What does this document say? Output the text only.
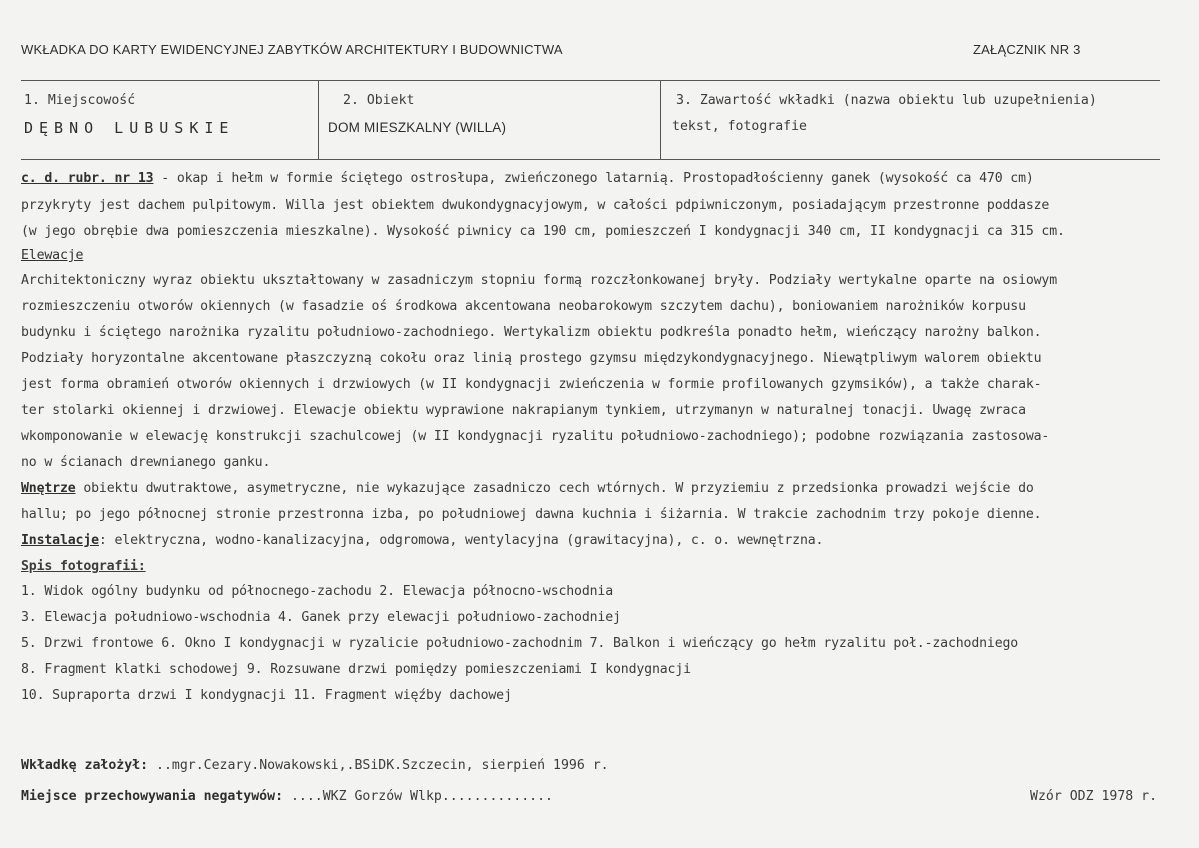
WKŁADKA DO KARTY EWIDENCYJNEJ ZABYTKÓW ARCHITEKTURY I BUDOWNICTWA	ZAŁĄCZNIK NR 3
1. Miejscowość
DĘBNO LUBUSKIE
2. Obiekt
DOM MIESZKALNY (WILLA)
3. Zawartość wkładki (nazwa obiektu lub uzupełnienia)
tekst, fotografie
c. d. rubr. nr 13 - okap i hełm w formie ściętego ostrosłupa, zwieńczonego latarnią. Prostopadłościenny ganek (wysokość ca 470 cm)
przykryty jest dachem pulpitowym. Willa jest obiektem dwukondygnacyjowym, w całości pdpiwniczonym, posiadającym przestronne poddasze
(w jego obrębie dwa pomieszczenia mieszkalne). Wysokość piwnicy ca 190 cm, pomieszczeń I kondygnacji 340 cm, II kondygnacji ca 315 cm.
Elewacje
Architektoniczny wyraz obiektu ukształtowany w zasadniczym stopniu formą rozczłonkowanej bryły. Podziały wertykalne oparte na osiowym
rozmieszczeniu otworów okiennych (w fasadzie oś środkowa akcentowana neobarokowym szczytem dachu), boniowaniem narożników korpusu
budynku i ściętego narożnika ryzalitu południowo-zachodniego. Wertykalizm obiektu podkreśla ponadto hełm, wieńczący narożny balkon.
Podziały horyzontalne akcentowane płaszczyzną cokołu oraz linią prostego gzymsu międzykondygnacyjnego. Niewątpliwym walorem obiektu
jest forma obramień otworów okiennych i drzwiowych (w II kondygnacji zwieńczenia w formie profilowanych gzymsików), a także charak-
ter stolarki okiennej i drzwiowej. Elewacje obiektu wyprawione nakrapianym tynkiem, utrzymanyn w naturalnej tonacji. Uwagę zwraca
wkomponowanie w elewację konstrukcji szachulcowej (w II kondygnacji ryzalitu południowo-zachodniego); podobne rozwiązania zastosowa-
no w ścianach drewnianego ganku.
Wnętrze obiektu dwutraktowe, asymetryczne, nie wykazujące zasadniczo cech wtórnych. W przyziemiu z przedsionka prowadzi wejście do
hallu; po jego północnej stronie przestronna izba, po południowej dawna kuchnia i śiżarnia. W trakcie zachodnim trzy pokoje dienne.
Instalacje: elektryczna, wodno-kanalizacyjna, odgromowa, wentylacyjna (grawitacyjna), c. o. wewnętrzna.
Spis fotografii:
1. Widok ogólny budynku od północnego-zachodu 2. Elewacja północno-wschodnia
3. Elewacja południowo-wschodnia 4. Ganek przy elewacji południowo-zachodniej
5. Drzwi frontowe 6. Okno I kondygnacji w ryzalicie południowo-zachodnim 7. Balkon i wieńczący go hełm ryzalitu poł.-zachodniego
8. Fragment klatki schodowej 9. Rozsuwane drzwi pomiędzy pomieszczeniami I kondygnacji
10. Supraporta drzwi I kondygnacji 11. Fragment więźby dachowej
Wkładkę założył: ..mgr.Cezary.Nowakowski,.BSiDK.Szczecin, sierpień 1996 r.
Miejsce przechowywania negatywów: ....WKZ Gorzów Wlkp..............	Wzór ODZ 1978 r.
